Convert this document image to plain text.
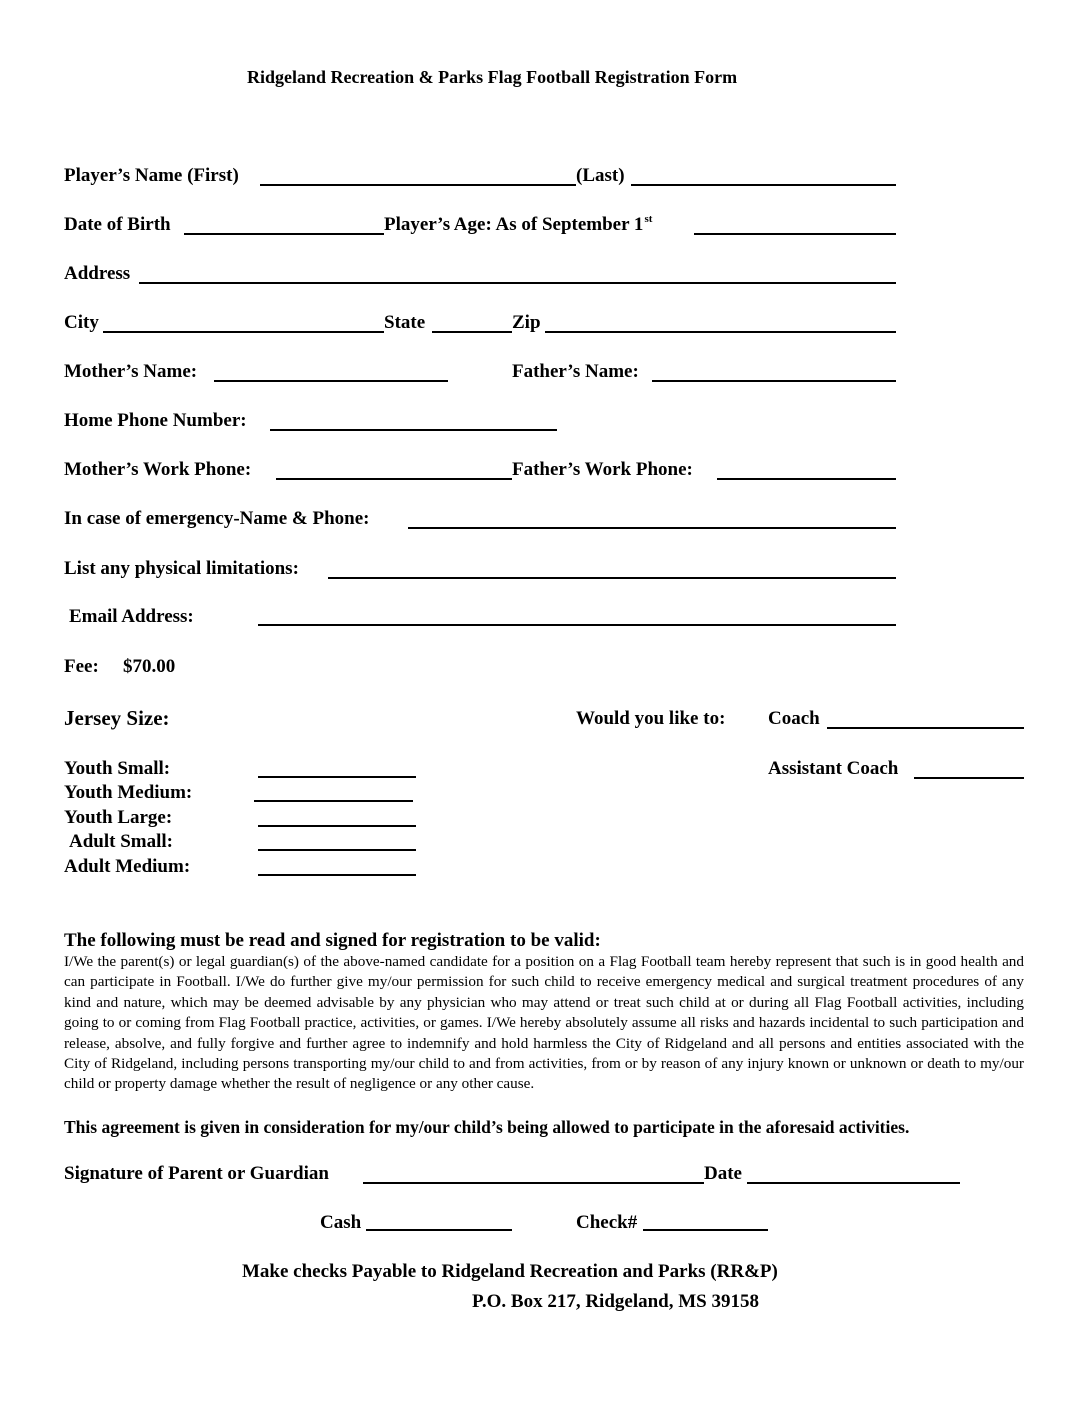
Ridgeland Recreation & Parks Flag Football Registration Form
Player’s Name (First)	(Last)
Date of Birth	Player’s Age: As of September 1st
Address
City	State	Zip
Mother’s Name:	Father’s Name:
Home Phone Number:
Mother’s Work Phone:	Father’s Work Phone:
In case of emergency-Name & Phone:
List any physical limitations:
Email Address:
Fee: $70.00
Jersey Size:
Youth Small:
Youth Medium:
Youth Large:
Adult Small:
Adult Medium:
Would you like to: Coach
Assistant Coach
The following must be read and signed for registration to be valid:
I/We the parent(s) or legal guardian(s) of the above-named candidate for a position on a Flag Football team hereby represent that such is in good health and can participate in Football. I/We do further give my/our permission for such child to receive emergency medical and surgical treatment procedures of any kind and nature, which may be deemed advisable by any physician who may attend or treat such child at or during all Flag Football activities, including going to or coming from Flag Football practice, activities, or games. I/We hereby absolutely assume all risks and hazards incidental to such participation and release, absolve, and fully forgive and further agree to indemnify and hold harmless the City of Ridgeland and all persons and entities associated with the City of Ridgeland, including persons transporting my/our child to and from activities, from or by reason of any injury known or unknown or death to my/our child or property damage whether the result of negligence or any other cause.
This agreement is given in consideration for my/our child’s being allowed to participate in the aforesaid activities.
Signature of Parent or Guardian	Date
Cash	Check#
Make checks Payable to Ridgeland Recreation and Parks (RR&P)
P.O. Box 217, Ridgeland, MS 39158
